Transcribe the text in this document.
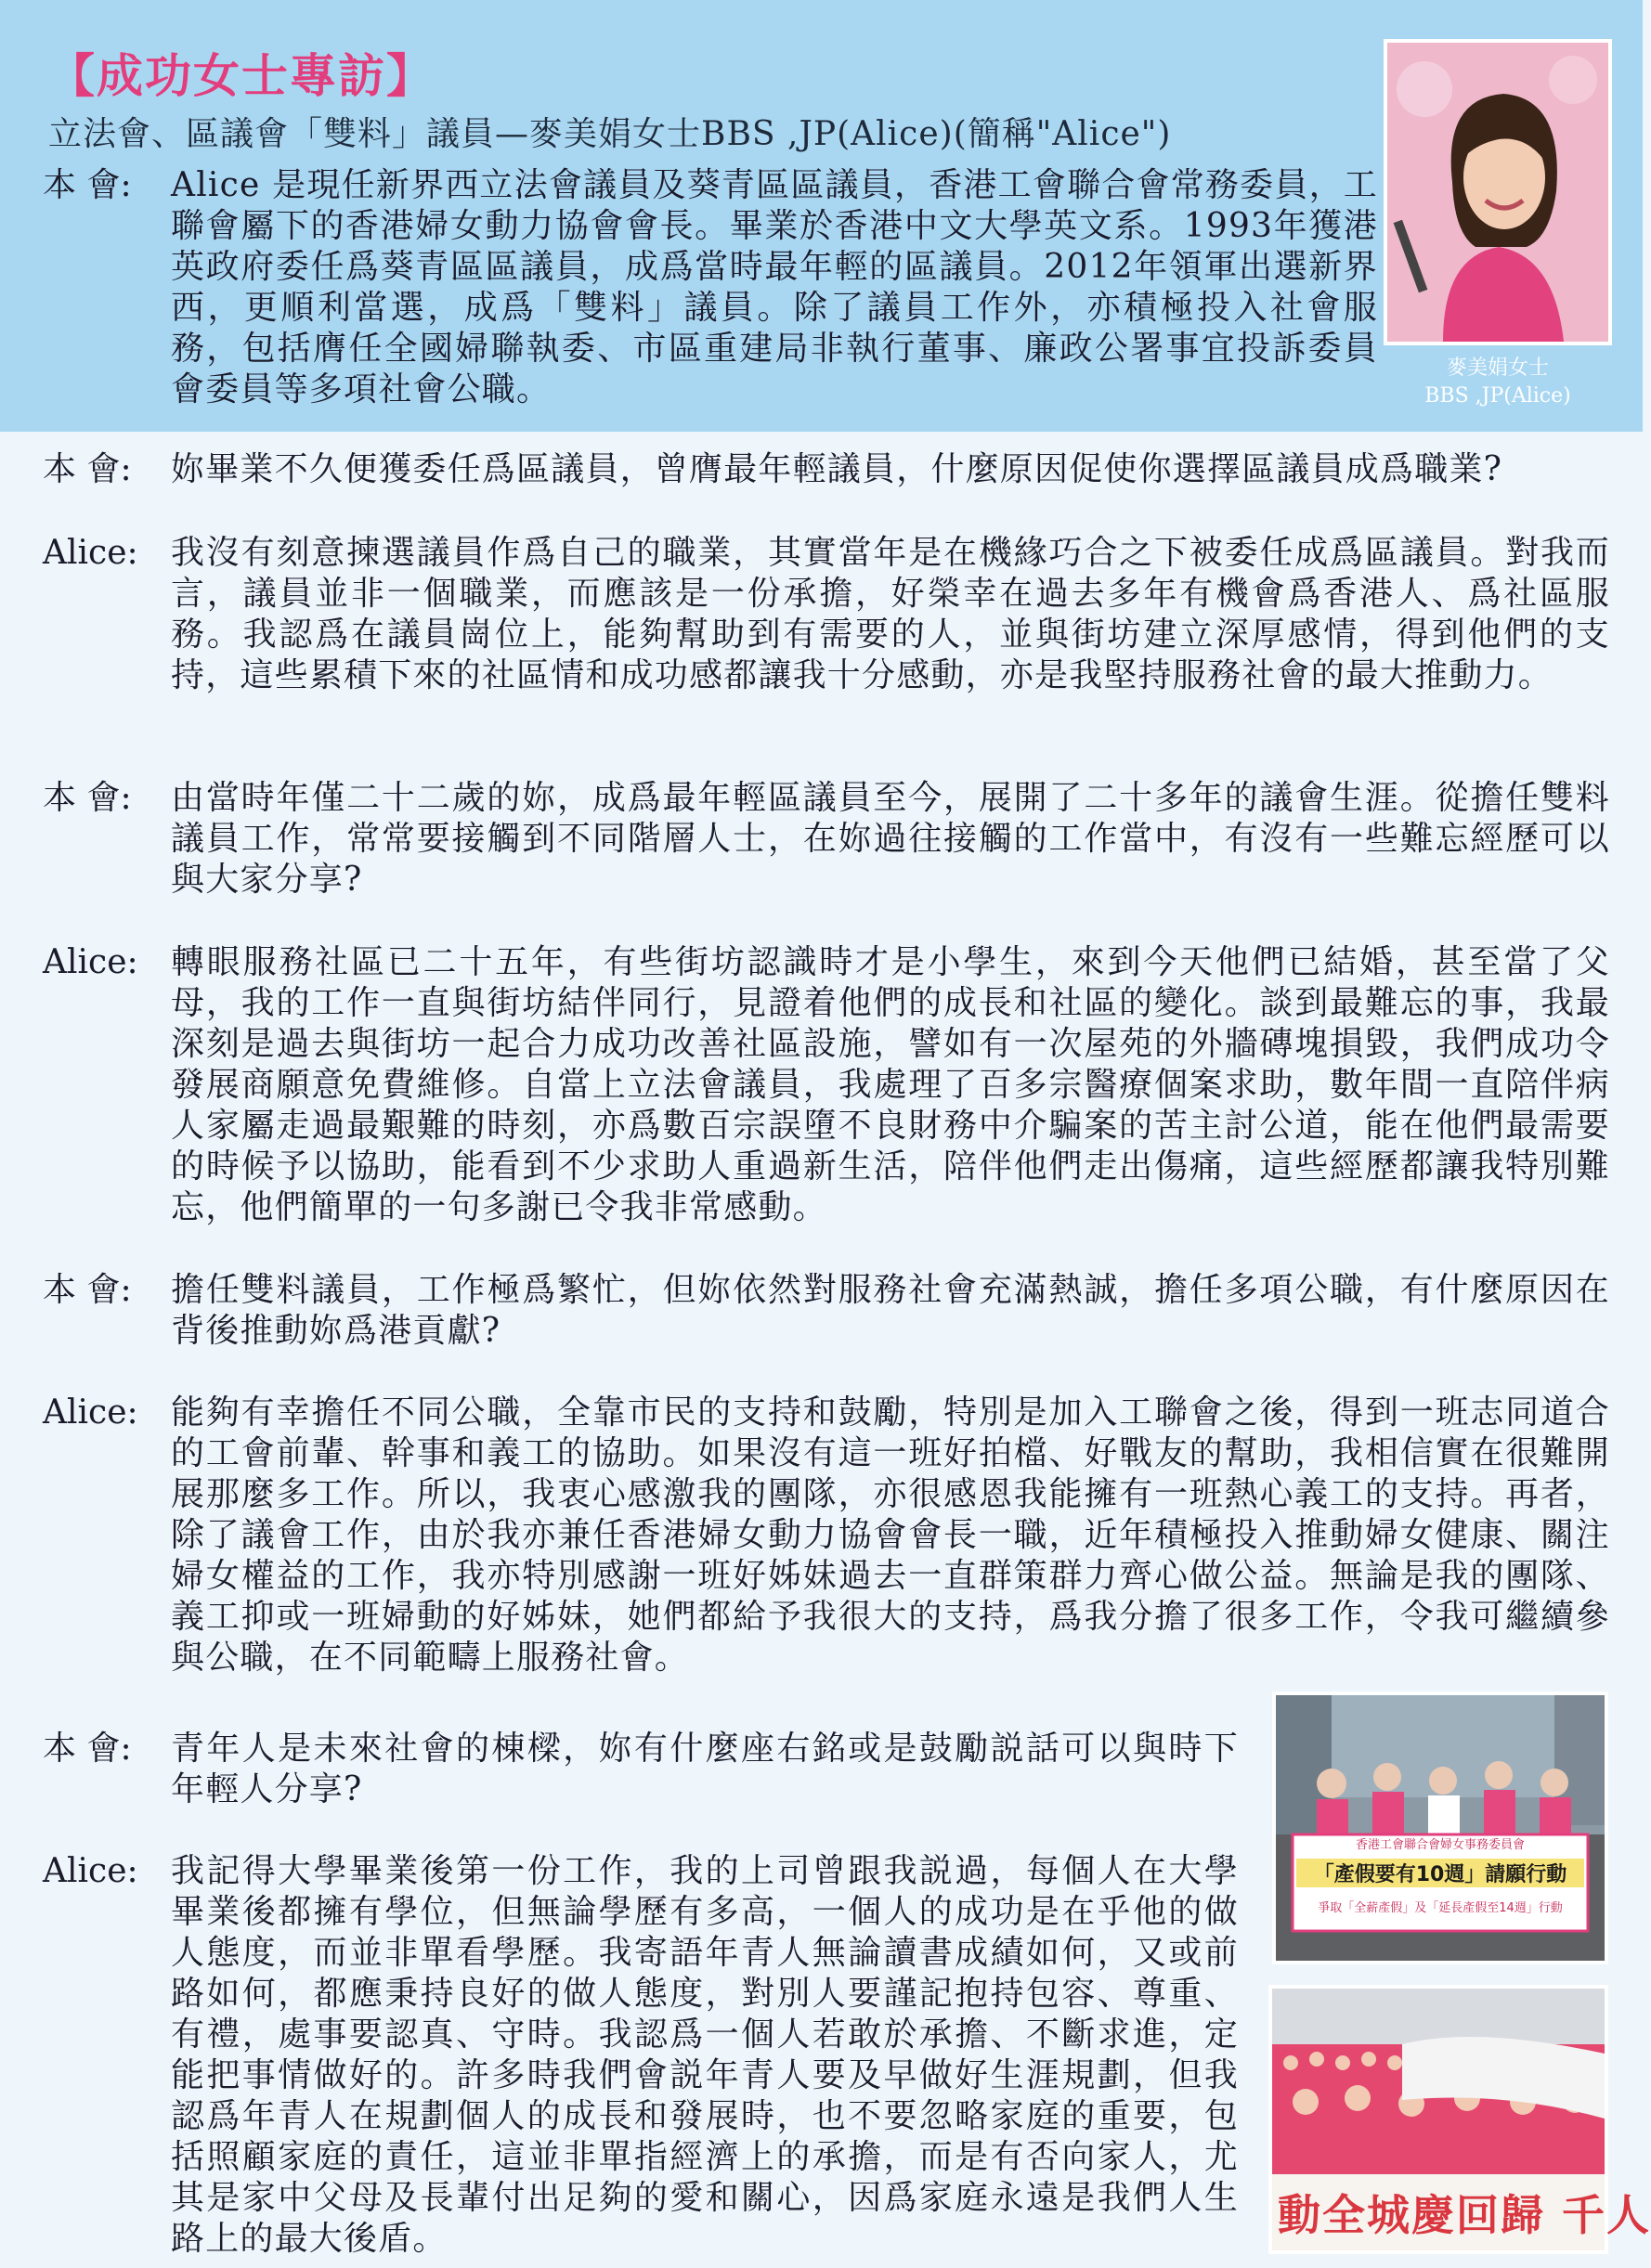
【成功女士專訪】
立法會、區議會「雙料」議員—麥美娟女士BBS ,JP(Alice)(簡稱"Alice")
本 會:	Alice 是現任新界西立法會議員及葵青區區議員，香港工會聯合會常務委員，工聯會屬下的香港婦女動力協會會長。畢業於香港中文大學英文系。1993年獲港英政府委任爲葵青區區議員，成爲當時最年輕的區議員。2012年領軍出選新界西，更順利當選，成爲「雙料」議員。除了議員工作外，亦積極投入社會服務，包括膺任全國婦聯執委、市區重建局非執行董事、廉政公署事宜投訴委員會委員等多項社會公職。
本 會:	妳畢業不久便獲委任爲區議員，曾膺最年輕議員，什麼原因促使你選擇區議員成爲職業?
Alice: 我沒有刻意揀選議員作爲自己的職業，其實當年是在機緣巧合之下被委任成爲區議員。對我而言，議員並非一個職業，而應該是一份承擔，好榮幸在過去多年有機會爲香港人、爲社區服務。我認爲在議員崗位上，能夠幫助到有需要的人，並與街坊建立深厚感情，得到他們的支持，這些累積下來的社區情和成功感都讓我十分感動，亦是我堅持服務社會的最大推動力。
本 會:	由當時年僅二十二歲的妳，成爲最年輕區議員至今，展開了二十多年的議會生涯。從擔任雙料議員工作，常常要接觸到不同階層人士，在妳過往接觸的工作當中，有沒有一些難忘經歷可以與大家分享?
Alice: 轉眼服務社區已二十五年，有些街坊認識時才是小學生，來到今天他們已結婚，甚至當了父母，我的工作一直與街坊結伴同行，見證着他們的成長和社區的變化。談到最難忘的事，我最深刻是過去與街坊一起合力成功改善社區設施，譬如有一次屋苑的外牆磚塊損毀，我們成功令發展商願意免費維修。自當上立法會議員，我處理了百多宗醫療個案求助，數年間一直陪伴病人家屬走過最艱難的時刻，亦爲數百宗誤墮不良財務中介騙案的苦主討公道，能在他們最需要的時候予以協助，能看到不少求助人重過新生活，陪伴他們走出傷痛，這些經歷都讓我特別難忘，他們簡單的一句多謝已令我非常感動。
本 會:	擔任雙料議員，工作極爲繁忙，但妳依然對服務社會充滿熱誠，擔任多項公職，有什麼原因在背後推動妳爲港貢獻?
Alice: 能夠有幸擔任不同公職，全靠市民的支持和鼓勵，特別是加入工聯會之後，得到一班志同道合的工會前輩、幹事和義工的協助。如果沒有這一班好拍檔、好戰友的幫助，我相信實在很難開展那麼多工作。所以，我衷心感激我的團隊，亦很感恩我能擁有一班熱心義工的支持。再者，除了議會工作，由於我亦兼任香港婦女動力協會會長一職，近年積極投入推動婦女健康、關注婦女權益的工作，我亦特別感謝一班好姊妹過去一直群策群力齊心做公益。無論是我的團隊、義工抑或一班婦動的好姊妹，她們都給予我很大的支持，爲我分擔了很多工作，令我可繼續參與公職，在不同範疇上服務社會。
本 會:	青年人是未來社會的棟樑，妳有什麼座右銘或是鼓勵説話可以與時下年輕人分享?
Alice: 我記得大學畢業後第一份工作，我的上司曾跟我説過，每個人在大學畢業後都擁有學位，但無論學歷有多高，一個人的成功是在乎他的做人態度，而並非單看學歷。我寄語年青人無論讀書成績如何，又或前路如何，都應秉持良好的做人態度，對別人要謹記抱持包容、尊重、有禮，處事要認真、守時。我認爲一個人若敢於承擔、不斷求進，定能把事情做好的。許多時我們會説年青人要及早做好生涯規劃，但我認爲年青人在規劃個人的成長和發展時，也不要忽略家庭的重要，包括照顧家庭的責任，這並非單指經濟上的承擔，而是有否向家人，尤其是家中父母及長輩付出足夠的愛和關心，因爲家庭永遠是我們人生路上的最大後盾。
麥美娟女士
BBS ,JP(Alice)
香港工會聯合會婦女事務委員會
「產假要有10週」請願行動
爭取「全薪產假」及「延長產假至14週」行動
動全城慶回歸 千人
